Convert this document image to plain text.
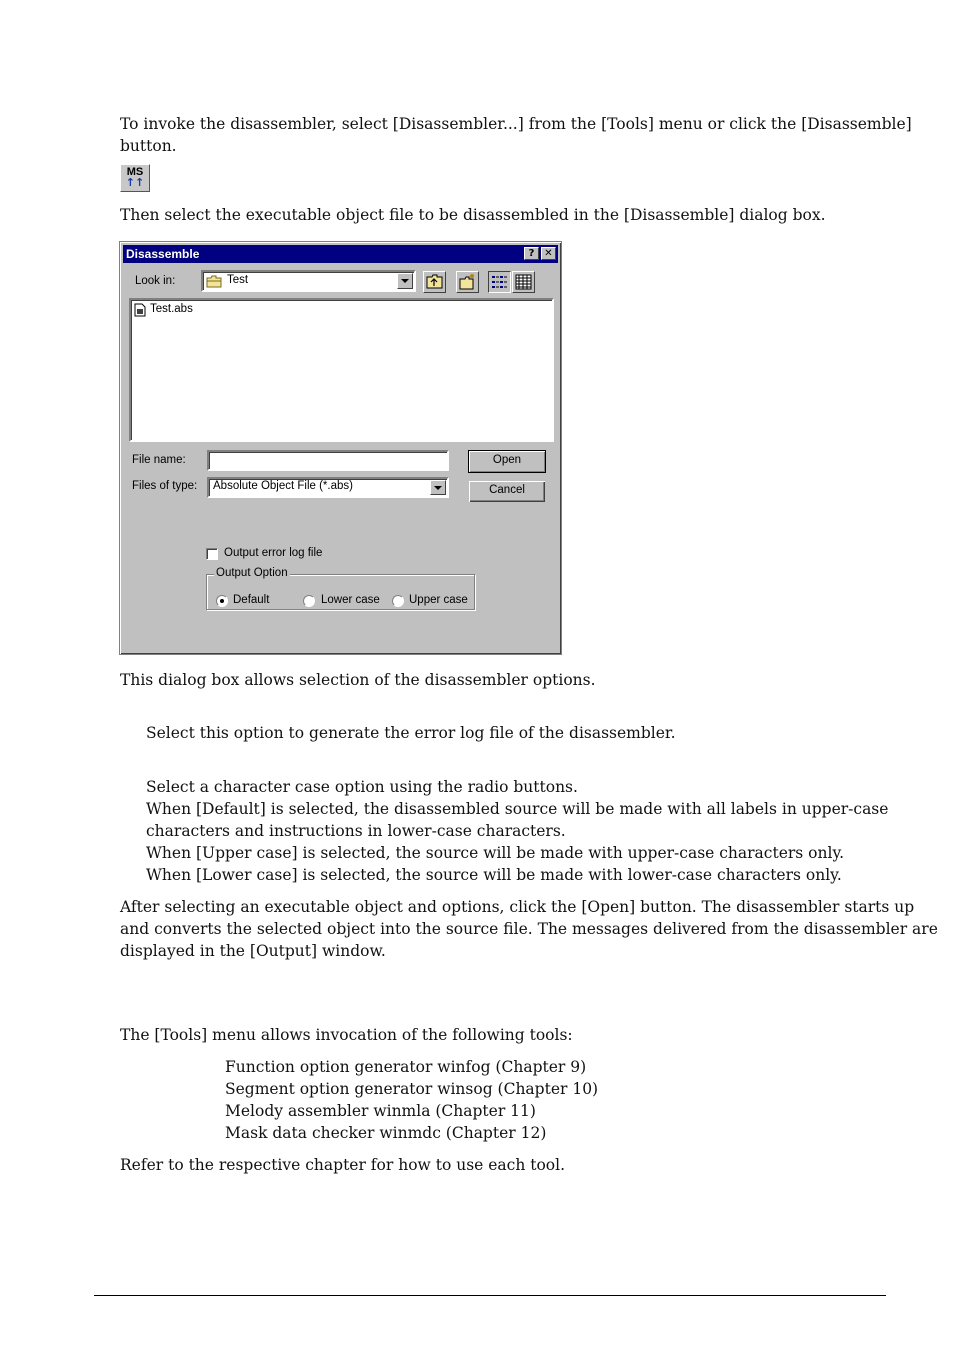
To invoke the disassembler, select [Disassembler...] from the [Tools] menu or click the [Disassemble]

button.

MS
↑↑

Then select the executable object file to be disassembled in the [Disassemble] dialog box.

Disassemble	? ✕
Look in:	Test
Test.abs
File name:
Files of type: Absolute Object File (*.abs)
Open
Cancel
Output error log file
Output Option
Default	Lower case	Upper case

This dialog box allows selection of the disassembler options.

Select this option to generate the error log file of the disassembler.

Select a character case option using the radio buttons.

When [Default] is selected, the disassembled source will be made with all labels in upper-case

characters and instructions in lower-case characters.

When [Upper case] is selected, the source will be made with upper-case characters only.

When [Lower case] is selected, the source will be made with lower-case characters only.

After selecting an executable object and options, click the [Open] button. The disassembler starts up

and converts the selected object into the source file. The messages delivered from the disassembler are

displayed in the [Output] window.

The [Tools] menu allows invocation of the following tools:

Function option generator winfog (Chapter 9)

Segment option generator winsog (Chapter 10)

Melody assembler winmla (Chapter 11)

Mask data checker winmdc (Chapter 12)

Refer to the respective chapter for how to use each tool.
